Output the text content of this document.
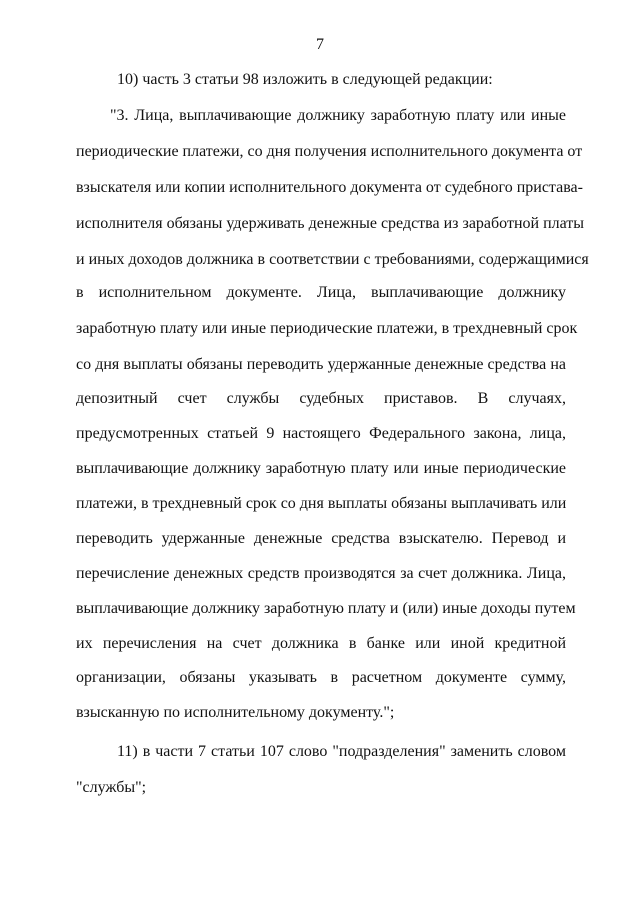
7
10) часть 3 статьи 98 изложить в следующей редакции:
"3. Лица, выплачивающие должнику заработную плату или иные
периодические платежи, со дня получения исполнительного документа от
взыскателя или копии исполнительного документа от судебного пристава-
исполнителя обязаны удерживать денежные средства из заработной платы
и иных доходов должника в соответствии с требованиями, содержащимися
в исполнительном документе. Лица, выплачивающие должнику
заработную плату или иные периодические платежи, в трехдневный срок
со дня выплаты обязаны переводить удержанные денежные средства на
депозитный счет службы судебных приставов. В случаях,
предусмотренных статьей 9 настоящего Федерального закона, лица,
выплачивающие должнику заработную плату или иные периодические
платежи, в трехдневный срок со дня выплаты обязаны выплачивать или
переводить удержанные денежные средства взыскателю. Перевод и
перечисление денежных средств производятся за счет должника. Лица,
выплачивающие должнику заработную плату и (или) иные доходы путем
их перечисления на счет должника в банке или иной кредитной
организации, обязаны указывать в расчетном документе сумму,
взысканную по исполнительному документу.";
11) в части 7 статьи 107 слово "подразделения" заменить словом
"службы";
